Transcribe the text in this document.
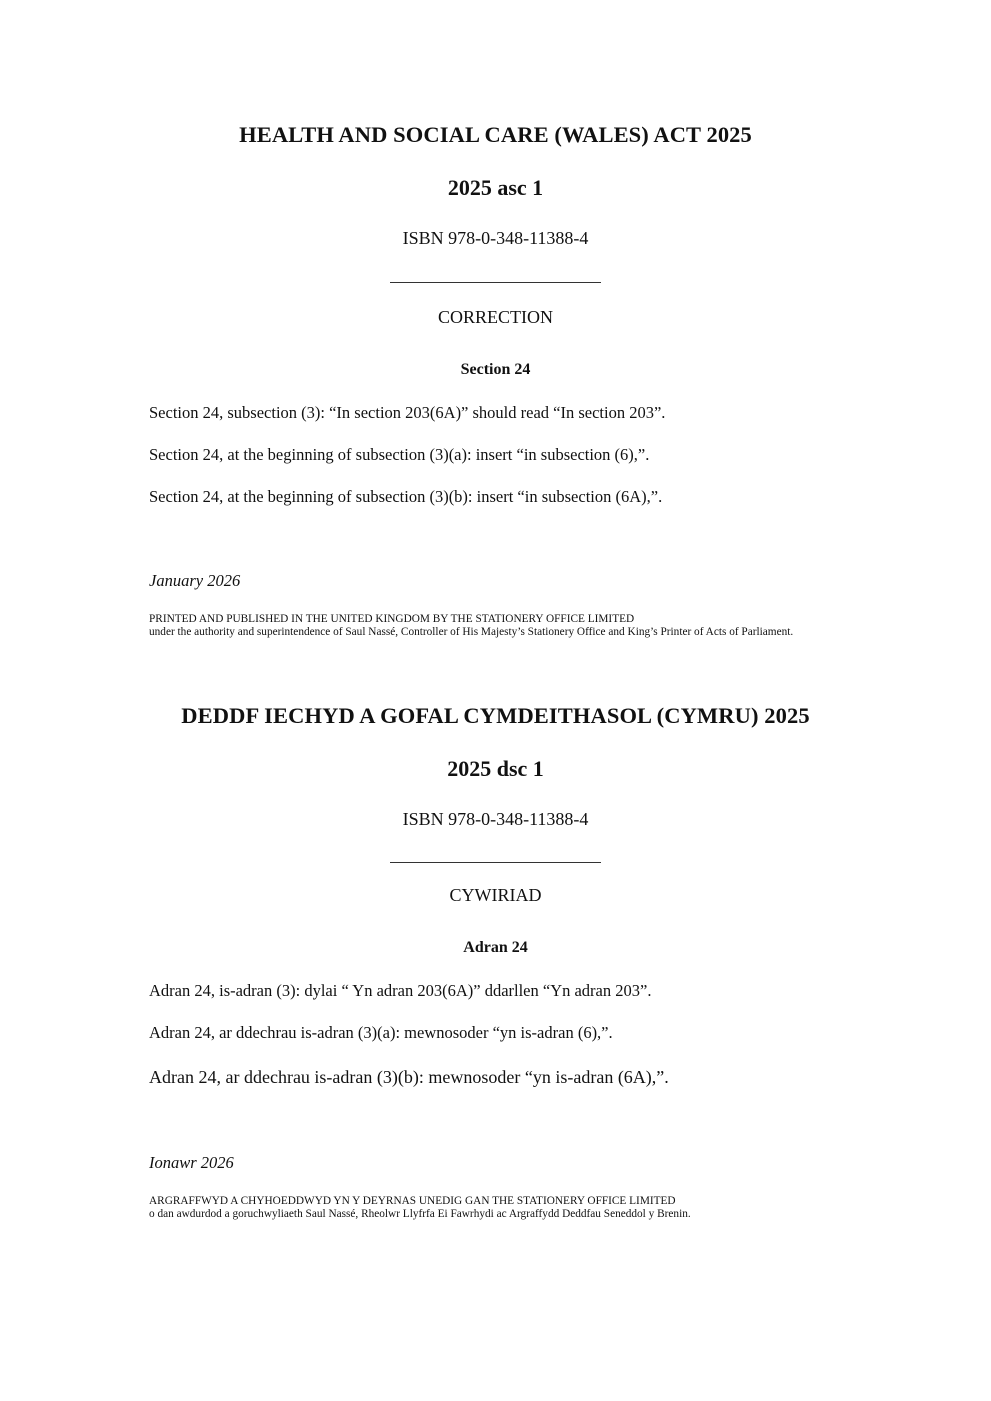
HEALTH AND SOCIAL CARE (WALES) ACT 2025
2025 asc 1

ISBN 978-0-348-11388-4

CORRECTION

Section 24

Section 24, subsection (3): “In section 203(6A)” should read “In section 203”.

Section 24, at the beginning of subsection (3)(a): insert “in subsection (6),”.

Section 24, at the beginning of subsection (3)(b): insert “in subsection (6A),”.

January 2026

PRINTED AND PUBLISHED IN THE UNITED KINGDOM BY THE STATIONERY OFFICE LIMITED
under the authority and superintendence of Saul Nassé, Controller of His Majesty’s Stationery Office and King’s Printer of Acts of Parliament.
DEDDF IECHYD A GOFAL CYMDEITHASOL (CYMRU) 2025
2025 dsc 1

ISBN 978-0-348-11388-4

CYWIRIAD

Adran 24

Adran 24, is-adran (3): dylai “ Yn adran 203(6A)” ddarllen “Yn adran 203”.

Adran 24, ar ddechrau is-adran (3)(a): mewnosoder “yn is-adran (6),”.

Adran 24, ar ddechrau is-adran (3)(b): mewnosoder “yn is-adran (6A),”.

Ionawr 2026

ARGRAFFWYD A CHYHOEDDWYD YN Y DEYRNAS UNEDIG GAN THE STATIONERY OFFICE LIMITED
o dan awdurdod a goruchwyliaeth Saul Nassé, Rheolwr Llyfrfa Ei Fawrhydi ac Argraffydd Deddfau Seneddol y Brenin.
